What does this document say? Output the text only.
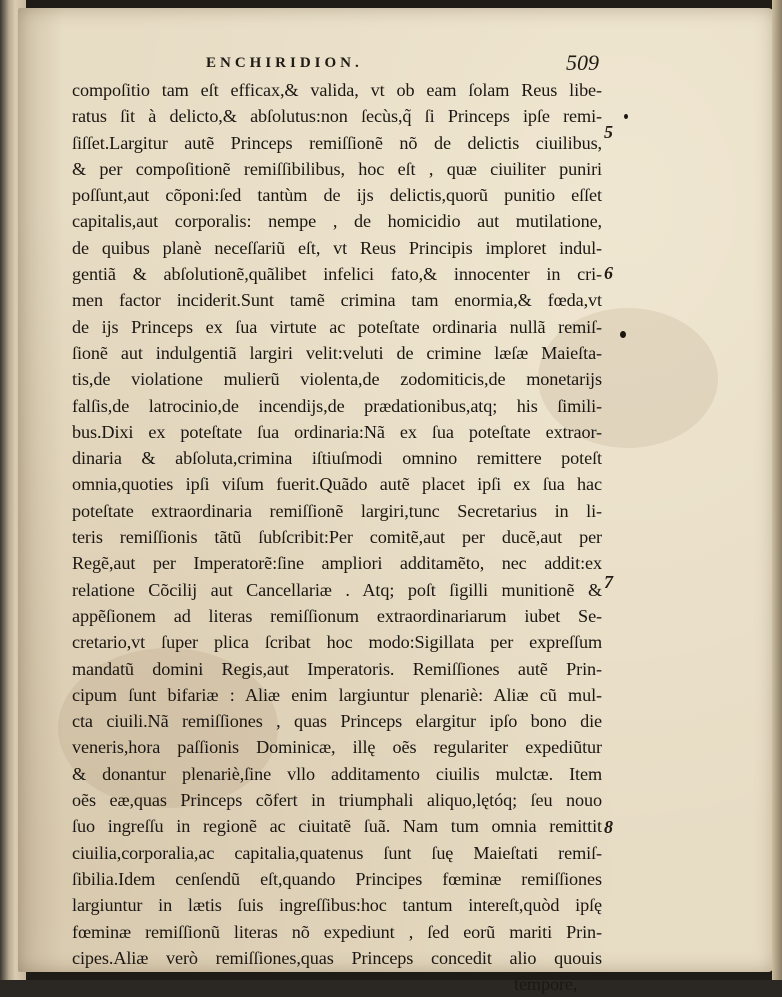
ENCHIRIDION.	509
compoſitio tam eſt efficax,& valida, vt ob eam ſolam Reus libe-
ratus ſit à delicto,& abſolutus:non ſecùs,q̃ ſi Princeps ipſe remi-
ſiſſet.Largitur autẽ Princeps remiſſionẽ nõ de delictis ciuilibus,
& per compoſitionẽ remiſſibilibus, hoc eſt , quæ ciuiliter puniri
poſſunt,aut cõponi:ſed tantùm de ijs delictis,quorũ punitio eſſet
capitalis,aut corporalis: nempe , de homicidio aut mutilatione,
de quibus planè neceſſariũ eſt, vt Reus Principis imploret indul-
gentiã & abſolutionẽ,quãlibet infelici fato,& innocenter in cri-
men factor inciderit.Sunt tamẽ crimina tam enormia,& fœda,vt
de ijs Princeps ex ſua virtute ac poteſtate ordinaria nullã remiſ-
ſionẽ aut indulgentiã largiri velit:veluti de crimine læſæ Maieſta-
tis,de violatione mulierũ violenta,de zodomiticis,de monetarijs
falſis,de latrocinio,de incendijs,de prædationibus,atq; his ſimili-
bus.Dixi ex poteſtate ſua ordinaria:Nã ex ſua poteſtate extraor-
dinaria & abſoluta,crimina iſtiuſmodi omnino remittere poteſt
omnia,quoties ipſi viſum fuerit.Quãdo autẽ placet ipſi ex ſua hac
poteſtate extraordinaria remiſſionẽ largiri,tunc Secretarius in li-
teris remiſſionis tãtũ ſubſcribit:Per comitẽ,aut per ducẽ,aut per
Regẽ,aut per Imperatorẽ:ſine ampliori additamẽto, nec addit:ex
relatione Cõcilij aut Cancellariæ . Atq; poſt ſigilli munitionẽ &
appẽſionem ad literas remiſſionum extraordinariarum iubet Se-
cretario,vt ſuper plica ſcribat hoc modo:Sigillata per expreſſum
mandatũ domini Regis,aut Imperatoris. Remiſſiones autẽ Prin-
cipum ſunt bifariæ : Aliæ enim largiuntur plenariè: Aliæ cũ mul-
cta ciuili.Nã remiſſiones , quas Princeps elargitur ipſo bono die
veneris,hora paſſionis Dominicæ, illę oẽs regulariter expediũtur
& donantur plenariè,ſine vllo additamento ciuilis mulctæ. Item
oẽs eæ,quas Princeps cõfert in triumphali aliquo,lętóq; ſeu nouo
ſuo ingreſſu in regionẽ ac ciuitatẽ ſuã. Nam tum omnia remittit
ciuilia,corporalia,ac capitalia,quatenus ſunt ſuę Maieſtati remiſ-
ſibilia.Idem cenſendũ eſt,quando Principes fœminæ remiſſiones
largiuntur in lætis ſuis ingreſſibus:hoc tantum intereſt,quòd ipſę
fœminæ remiſſionũ literas nõ expediunt , ſed eorũ mariti Prin-
cipes.Aliæ verò remiſſiones,quas Princeps concedit alio quouis
tempore,
5
6
7
8
